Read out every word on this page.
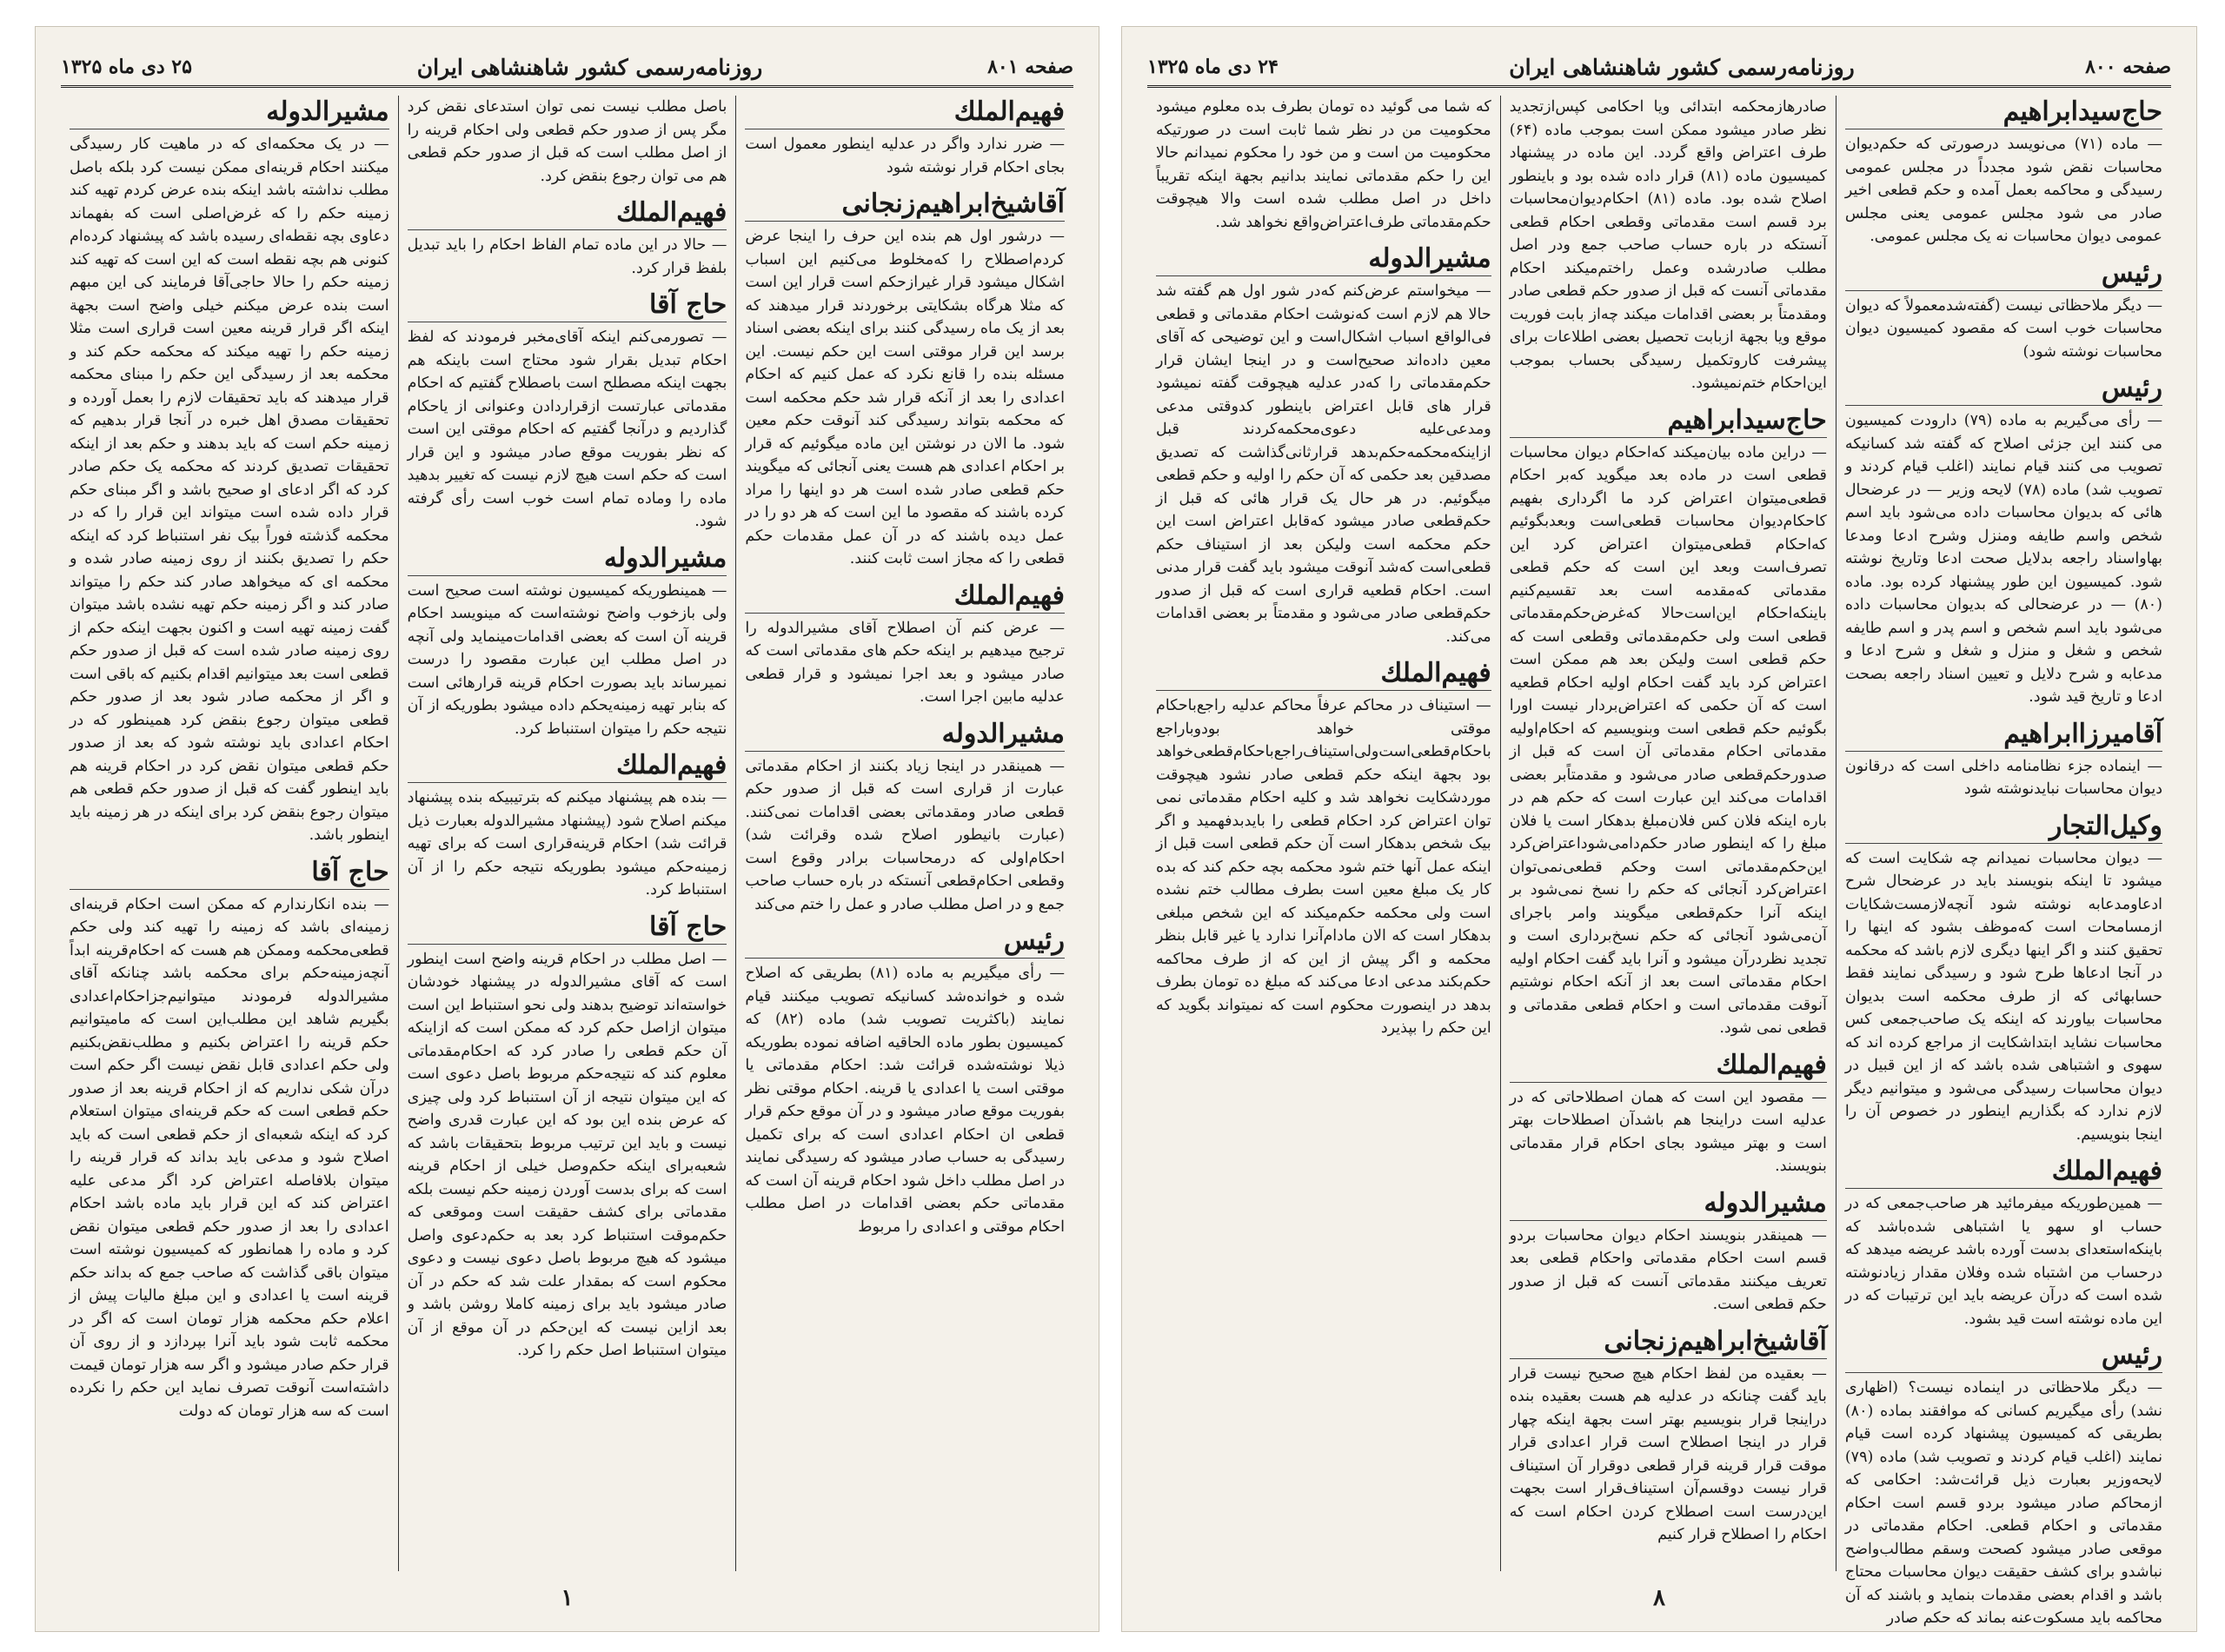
صفحه ۸۰۱
روزنامه‌رسمی کشور شاهنشاهی ایران
۲۵ دی ماه ۱۳۲۵
فهیم‌الملك

— ضرر ندارد واگر در عدلیه اینطور معمول است بجای احکام قرار نوشته شود

آقاشیخ‌ابراهیم‌زنجانی

— درشور اول هم بنده این حرف را اینجا عرض کردم‌اصطلاح را که‌مخلوط می‌کنیم این اسباب اشکال میشود قرار غیرازحکم است قرار این است که مثلا هرگاه بشکایتی برخوردند قرار میدهند که بعد از یک ماه رسیدگی کنند برای اینکه بعضی اسناد برسد این قرار موقتی است این حکم نیست. این مسئله بنده را قانع نکرد که عمل کنیم که احکام اعدادی را بعد از آنکه قرار شد حکم محکمه است که محکمه بتواند رسیدگی کند آنوقت حکم معین شود. ما الان در نوشتن این ماده میگوئیم که قرار بر احکام اعدادی هم هست یعنی آنجائی که میگویند حکم قطعی صادر شده است هر دو اینها را مراد کرده باشند که مقصود ما این است که هر دو را در عمل دیده باشند که در آن عمل مقدمات حکم قطعی را که مجاز است ثابت کنند.

فهیم‌الملك

— عرض کنم آن اصطلاح آقای مشیرالدوله را ترجیح میدهیم بر اینکه حکم ‌های مقدماتی است که صادر میشود و بعد اجرا نمیشود و قرار قطعی عدلیه مابین اجرا است.

مشیرالدوله

— همینقدر در اینجا زیاد بکنند از احکام مقدماتی عبارت از قراری است که قبل از صدور حکم قطعی صادر ومقدماتی بعضی اقدامات نمی‌کنند. (عبارت بانیطور اصلاح شده وقرائت شد) احکام‌اولی که درمحاسبات برادر وقوع است وقطعی احکام‌قطعی آنستکه در باره حساب صاحب جمع و ‌در اصل مطلب صادر و عمل را ختم می‌کند

رئیس

— رأی میگیریم به ماده (۸۱) بطریقی که اصلاح شده و خوانده‌شد کسانیکه تصویب میکنند قیام نمایند (باکثریت تصویب شد) ماده (۸۲) که کمیسیون بطور ماده الحاقیه اضافه نموده بطوریکه ذیلا نوشته‌شده قرائت شد: احکام مقدماتی یا موقتی است یا اعدادی یا قرینه. احکام موقتی نظر بفوریت موقع صادر میشود و در آن موقع حکم قرار قطعی ان احکام اعدادی است که برای تکمیل رسیدگی به حساب صادر میشود که رسیدگی نمایند در اصل مطلب داخل شود احکام قرینه آن است که مقدماتی حکم بعضی اقدامات در اصل مطلب احکام موقتی و اعدادی را مربوط

باصل مطلب نیست نمی توان استدعای نقض کرد مگر پس از صدور حکم قطعی ولی احکام قرینه را از اصل مطلب است که قبل از صدور حکم قطعی هم می توان رجوع بنقض کرد.

فهیم‌الملك

— حالا در این ماده تمام الفاظ احکام را باید تبدیل بلفظ قرار کرد.

حاج آقا

— تصورمی‌کنم اینکه آقای‌مخبر فرمودند که لفظ احکام تبدیل بقرار شود محتاج است باینکه هم بجهت اینکه مصطلح است باصطلاح گفتیم که احکام مقدماتی عبارتست ازقراردادن وعنوانی از یاحکام گذاردیم و درآنجا گفتیم که احکام موقتی این است که نظر بفوریت موقع صادر میشود و این قرار است که حکم است هیچ لازم نیست که تغییر بدهید ماده را وماده تمام است خوب است رأی گرفته شود.

مشیرالدوله

— همینطوریکه کمیسیون نوشته است صحیح است ولی بازخوب واضح نوشته‌است که مینویسد احکام قرینه آن است که بعضی اقدامات‌مینماید ولی آنچه در اصل مطلب این عبارت مقصود را درست نمیرساند باید بصورت احکام قرینه قرارهائی است که بنابر تهیه زمینه‌یحکم داده میشود بطوریکه از آن نتیجه حکم را میتوان استنباط کرد.

فهیم‌الملك

— بنده هم پیشنهاد میکنم که بترتیبیکه بنده پیشنهاد میکنم اصلاح شود (پیشنهاد مشیرالدوله بعبارت ذیل قرائت شد) احکام قرینه‌قراری است که برای تهیه زمینه‌حکم میشود بطوریکه نتیجه حکم را از آن استنباط کرد.

حاج آقا

— اصل مطلب در احکام قرینه واضح است اینطور است که آقای مشیرالدوله در پیشنهاد خودشان خواسته‌اند توضیح بدهند ولی نحو استنباط این است میتوان ازاصل حکم کرد که ممکن است که ازاینکه آن حکم قطعی را صادر کرد که احکام‌مقدماتی معلوم کند که نتیجه‌حکم مربوط باصل دعوی است که این میتوان نتیجه از آن استنباط کرد ولی چیزی که عرض بنده این بود که این عبارت قدری واضح نیست و باید این ترتیب مربوط بتحقیقات باشد که شعبه‌برای اینکه حکم‌وصل خیلی از احکام قرینه است که برای بدست آوردن زمینه حکم نیست بلکه مقدماتی برای کشف حقیقت است وموقعی که حکم‌موقت استنباط کرد بعد به حکم‌دعوی واصل میشود که هیچ مربوط باصل دعوی نیست و دعوی محکوم است که بمقدار علت شد که حکم در آن صادر میشود باید برای زمینه کاملا روشن باشد و بعد ازاین نیست که این‌حکم در آن موقع از آن میتوان استنباط اصل حکم را کرد.

مشیرالدوله

— در یک محکمه‌ای که در ماهیت کار رسیدگی میکنند احکام قرینه‌ای ممکن نیست کرد بلکه باصل مطلب نداشته باشد اینکه بنده عرض کردم تهیه کند زمینه حکم را که غرض‌اصلی است که بفهماند دعاوی بچه نقطه‌ای رسیده باشد که پیشنهاد کرده‌ام کنونی هم بچه نقطه است که این است که تهیه کند زمینه حکم را حالا حاجی‌آقا فرمایند کی این مبهم است بنده عرض میکنم خیلی واضح است بجهة اینکه اگر قرار قرینه معین است قراری است مثلا زمینه حکم را تهیه میکند که محکمه حکم کند و محکمه بعد از رسیدگی این حکم را مبنای محکمه قرار میدهند که باید تحقیقات لازم را بعمل آورده و تحقیقات مصدق اهل خبره در آنجا قرار بدهیم که زمینه حکم است که باید بدهند و حکم بعد از اینکه تحقیقات تصدیق کردند که محکمه یک حکم صادر کرد که اگر ادعای او صحیح باشد و اگر مبنای حکم قرار داده شده است میتواند این قرار را که در محکمه گذشته فوراً بیک نفر استنباط کرد که اینکه حکم را تصدیق بکنند از روی زمینه صادر شده و محکمه ای که میخواهد صادر کند حکم را میتواند صادر کند و اگر زمینه حکم تهیه نشده باشد میتوان گفت زمینه تهیه است و اکنون بجهت اینکه حکم از روی زمینه صادر شده است که قبل از صدور حکم قطعی است بعد میتوانیم اقدام بکنیم که باقی است و اگر از محکمه صادر شود بعد از صدور حکم قطعی میتوان رجوع بنقض کرد همینطور که در احکام اعدادی باید نوشته شود که بعد از صدور حکم قطعی میتوان نقض کرد در احکام قرینه هم باید اینطور گفت که قبل از صدور حکم قطعی هم میتوان رجوع بنقض کرد برای اینکه در هر زمینه باید اینطور باشد.

حاج آقا

— بنده انکارندارم که ممکن است احکام قرینه‌ای زمینه‌ای باشد که زمینه را تهیه کند ولی حکم قطعی‌محکمه وممکن هم هست که احکام‌قرینه ابداً آنچه‌زمینه‌حکم برای محکمه باشد چنانکه آقای مشیرالدوله فرمودند میتوانیم‌جزاحکام‌اعدادی بگیریم شاهد این مطلب‌این است که مامیتوانیم حکم قرینه را اعتراض بکنیم و مطلب‌نقض‌بکنیم ولی حکم اعدادی قابل نقض نیست اگر حکم است درآن شکی نداریم که از احکام قرینه بعد از صدور حکم قطعی است که حکم قرینه‌ای میتوان استعلام کرد که اینکه شعبه‌ای از حکم قطعی است که باید اصلاح شود و مدعی باید بداند که قرار قرینه را میتوان بلافاصله اعتراض کرد اگر مدعی علیه اعتراض کند که این قرار باید ماده باشد احکام اعدادی را بعد از صدور حکم قطعی میتوان نقض کرد و ماده را همانطور که کمیسیون نوشته است میتوان باقی گذاشت که صاحب جمع که بداند حکم قرینه است یا اعدادی و این مبلغ مالیات پیش از اعلام حکم محکمه هزار تومان است که اگر در محکمه ثابت شود باید آنرا بپردازد و از روی آن قرار حکم صادر میشود و اگر سه هزار تومان قیمت داشته‌است آنوقت تصرف نماید این حکم را نکرده است که سه هزار تومان که دولت

۱
صفحه ۸۰۰
روزنامه‌رسمی کشور شاهنشاهی ایران
۲۴ دی ماه ۱۳۲۵
حاج‌سیدابراهیم

— ماده (۷۱) می‌نویسد درصورتی که حکم‌دیوان محاسبات نقض شود مجدداً در مجلس عمومی رسیدگی و محاکمه بعمل آمده و حکم قطعی اخیر صادر می شود مجلس عمومی یعنی مجلس عمومی دیوان محاسبات نه یک مجلس عمومی.

رئیس

— دیگر ملاحظاتی نیست (گفته‌شدمعمولاً که دیوان محاسبات خوب است که مقصود کمیسیون دیوان محاسبات نوشته شود)

رئیس

— رأی می‌گیریم به ماده (۷۹) دارودت کمیسیون می کنند این جزئی اصلاح که گفته شد کسانیکه تصویب می کنند قیام نمایند (اغلب قیام کردند و تصویب شد) ماده (۷۸) لایحه وزیر — در عرضحال هائی که بدیوان محاسبات داده می‌شود باید اسم شخص واسم طایفه ومنزل وشرح ادعا ومدعا بهاواسناد راجعه بدلایل صحت ادعا وتاریخ نوشته شود. کمیسیون این طور پیشنهاد کرده بود. ماده (۸۰) — در عرضحالی که بدیوان محاسبات داده می‌شود باید اسم شخص و اسم پدر و اسم طایفه شخص و شغل و منزل و شغل و شرح ادعا و مدعابه و شرح دلایل و تعیین اسناد راجعه بصحت ادعا و تاریخ قید شود.

آقامیرزاابراهیم

— اینماده جزء نظامنامه داخلی است که درقانون دیوان محاسبات نبایدنوشته شود

وکیل‌التجار

— دیوان محاسبات نمیدانم چه شکایت است که میشود تا اینکه بنویسند باید در عرضحال شرح ادعاومدعابه نوشته شود آنچه‌لازمست‌شکایات ازمسامحات است که‌موظف بشود که اینها را تحقیق کنند و اگر اینها دیگری لازم باشد که محکمه در آنجا ادعاها طرح شود و رسیدگی نمایند فقط حسابهائی که از طرف محکمه است بدیوان محاسبات بیاورند که اینکه یک صاحب‌جمعی کس محاسبات نشاید ابتداشکایت از مراجع کرده اند که سهوی و اشتباهی شده باشد که از این قبیل در دیوان محاسبات رسیدگی می‌شود و میتوانیم دیگر لازم ندارد که بگذاریم اینطور در خصوص آن را اینجا بنویسیم.

فهیم‌الملك

— همین‌طوریکه میفرمائید هر صاحب‌جمعی که در حساب او سهو یا اشتباهی شده‌باشد که باینکه‌استعدای بدست آورده باشد عریضه میدهد که درحساب من اشتباه شده وفلان مقدار زیادنوشته شده است که درآن عریضه باید این ترتیبات که در این ماده نوشته است قید بشود.

رئیس

— دیگر ملاحظاتی در اینماده نیست؟ (اظهاری نشد) رأی میگیریم کسانی که موافقند بماده (۸۰) بطریقی که کمیسیون پیشنهاد کرده است قیام نمایند (اغلب قیام کردند و تصویب شد) ماده (۷۹) لایحه‌وزیر بعبارت ذیل قرائت‌شد: احکامی که ازمحاکم صادر میشود بردو قسم است احکام مقدماتی و احکام قطعی. احکام مقدماتی در موقعی صادر میشود کصحت وسقم مطالب‌واضح نباشدو برای کشف حقیقت دیوان محاسبات محتاج باشد و اقدام بعضی مقدمات بنماید و باشند که آن محاکمه باید مسکوت‌عنه بماند که حکم صادر

صادرهازمحکمه ابتدائی ویا احکامی کپس‌ازتجدید نظر صادر میشود ممکن است بموجب ماده (۶۴) طرف اعتراض واقع گردد. این ماده در پیشنهاد کمیسیون ماده (۸۱) قرار داده شده بود و باینطور اصلاح شده بود. ماده (۸۱) احکام‌دیوان‌محاسبات برد قسم است مقدماتی وقطعی احکام قطعی آنستکه در باره حساب صاحب جمع ودر اصل مطلب صادرشده وعمل راختم‌میکند احکام مقدماتی آنست که قبل از صدور حکم قطعی صادر ومقدمتاً بر بعضی اقدامات میکند چه‌از بابت فوریت موقع ویا بجهة ازبابت تحصیل بعضی اطلاعات برای پیشرفت کاروتکمیل رسیدگی بحساب بموجب این‌احکام ختم‌نمیشود.

حاج‌سیدابراهیم

— دراین ماده بیان‌میکند که‌احکام دیوان محاسبات قطعی است در ماده بعد میگوید که‌بر احکام قطعی‌میتوان اعتراض کرد ما اگرداری بفهیم کاحکام‌دیوان محاسبات قطعی‌است وبعدبگوئیم که‌احکام قطعی‌میتوان اعتراض کرد این تصرف‌است وبعد این است که حکم قطعی مقدماتی که‌مقدمه است بعد تقسیم‌کنیم باینکه‌احکام این‌است‌حالا که‌غرض‌حکم‌مقدماتی قطعی است ولی حکم‌مقدماتی وقطعی است که حکم قطعی است ولیکن بعد هم ممکن است اعتراض کرد باید گفت احکام اولیه احکام قطعیه است که آن حکمی که اعتراض‌بردار نیست اورا بگوئیم حکم قطعی است وبنویسیم که احکام‌اولیه مقدماتی احکام مقدماتی آن است که قبل از صدور‌حکم‌قطعی صادر می‌شود و مقدمتاً‌بر بعضی اقدامات می‌کند این عبارت است که حکم هم در باره اینکه فلان کس فلان‌مبلغ بدهکار است یا فلان مبلغ را که اینطور صادر حکم‌دامی‌شوداعتراض‌کرد این‌حکم‌مقدماتی است وحکم قطعی‌نمی‌توان اعتراض‌کرد آنجائی که حکم را نسخ نمی‌شود بر اینکه آنرا حکم‌قطعی میگویند وامر باجرای آن‌می‌شود آنجائی که حکم نسخ‌برداری است و تجدید نظردرآن میشود و آنرا باید گفت احکام اولیه احکام مقدماتی است بعد از آنکه احکام نوشتیم آنوقت مقدماتی است و احکام قطعی مقدماتی و قطعی نمی شود.

فهیم‌الملك

— مقصود این است که همان اصطلاحاتی که در عدلیه است دراینجا هم باشدآن اصطلاحات بهتر است و بهتر میشود بجای احکام قرار مقدماتی بنویسند.

مشیرالدوله

— همینقدر بنویسند احکام دیوان محاسبات بردو قسم است احکام مقدماتی واحکام قطعی بعد تعریف میکنند مقدماتی آنست که قبل از صدور حکم قطعی است.

آقاشیخ‌ابراهیم‌زنجانی

— بعقیده من لفظ احکام هیچ صحیح نیست قرار باید گفت چنانکه در عدلیه هم هست بعقیده بنده دراینجا قرار بنویسیم بهتر است بجهة اینکه چهار قرار در اینجا اصطلاح است قرار اعدادی قرار موقت قرار قرینه قرار قطعی دوقرار آن استیناف قرار نیست دوقسم‌آن استیناف‌قرار است بجهت این‌درست است اصطلاح کردن احکام است که احکام را اصطلاح قرار کنیم

که شما می گوئید ده تومان بطرف بده معلوم میشود محکومیت من در نظر شما ثابت است در صورتیکه محکومیت من است و من خود را محکوم نمیدانم حالا این را حکم مقدماتی نمایند بدانیم بجهة اینکه تقریباً داخل در اصل مطلب شده است والا هیچوقت حکم‌مقدماتی طرف‌اعتراض‌واقع نخواهد شد.

مشیرالدوله

— میخواستم عرض‌کنم که‌در شور اول هم گفته شد حالا هم لازم است که‌نوشت احکام مقدماتی و قطعی فی‌الواقع اسباب اشکال‌است و این توضیحی که آقای معین داده‌اند صحیح‌است و در اینجا ایشان قرار حکم‌مقدماتی را که‌در عدلیه هیچوقت گفته نمیشود قرار های قابل اعتراض باینطور کدوقتی مدعی ومدعی‌علیه دعوی‌محکمه‌کردند قبل ازاینکه‌محکمه‌حکم‌بدهد قرار‌ثانی‌گذاشت‌ که‌ تصدیق مصدقین‌ بعد حکمی که آن حکم را اولیه و حکم قطعی میگوئیم. در هر حال یک قرار هائی که قبل از حکم‌قطعی صادر میشود که‌قابل اعتراض است این حکم محکمه است ولیکن بعد از استیناف حکم قطعی‌است که‌شد آنوقت میشود باید گفت قرار مدنی است. احکام قطعیه قراری است که قبل از صدور حکم‌قطعی صادر می‌شود و مقدمتاً بر بعضی اقدامات می‌کند.

فهیم‌الملك

— استیناف در محاکم عرفاً محاکم عدلیه راجع‌باحکام موقتی خواهد بود‌وباراجع باحکام‌قطعی‌است‌ولی‌استیناف‌راجع‌باحکام‌قطعی‌خواهد بود بجهة اینکه حکم قطعی صادر نشود هیچوقت موردشکایت نخواهد شد و کلیه احکام مقدماتی نمی توان اعتراض کرد احکام قطعی را باید‌بدفهمید و اگر بیک شخص بدهکار است آن حکم قطعی است قبل از اینکه عمل آنها ختم شود محکمه بچه حکم کند که بده کار یک مبلغ معین است بطرف مطالب ختم نشده است ولی محکمه حکم‌میکند که این شخص مبلغی بدهکار است که الان مادام‌آنرا ندارد یا غیر قابل بنظر محکمه و اگر پیش از این که از طرف محاکمه حکم‌بکند مدعی ادعا می‌کند که مبلغ ده تومان بطرف بدهد در اینصورت محکوم است که نمیتواند بگوید که این حکم را بپذیرد

۸
